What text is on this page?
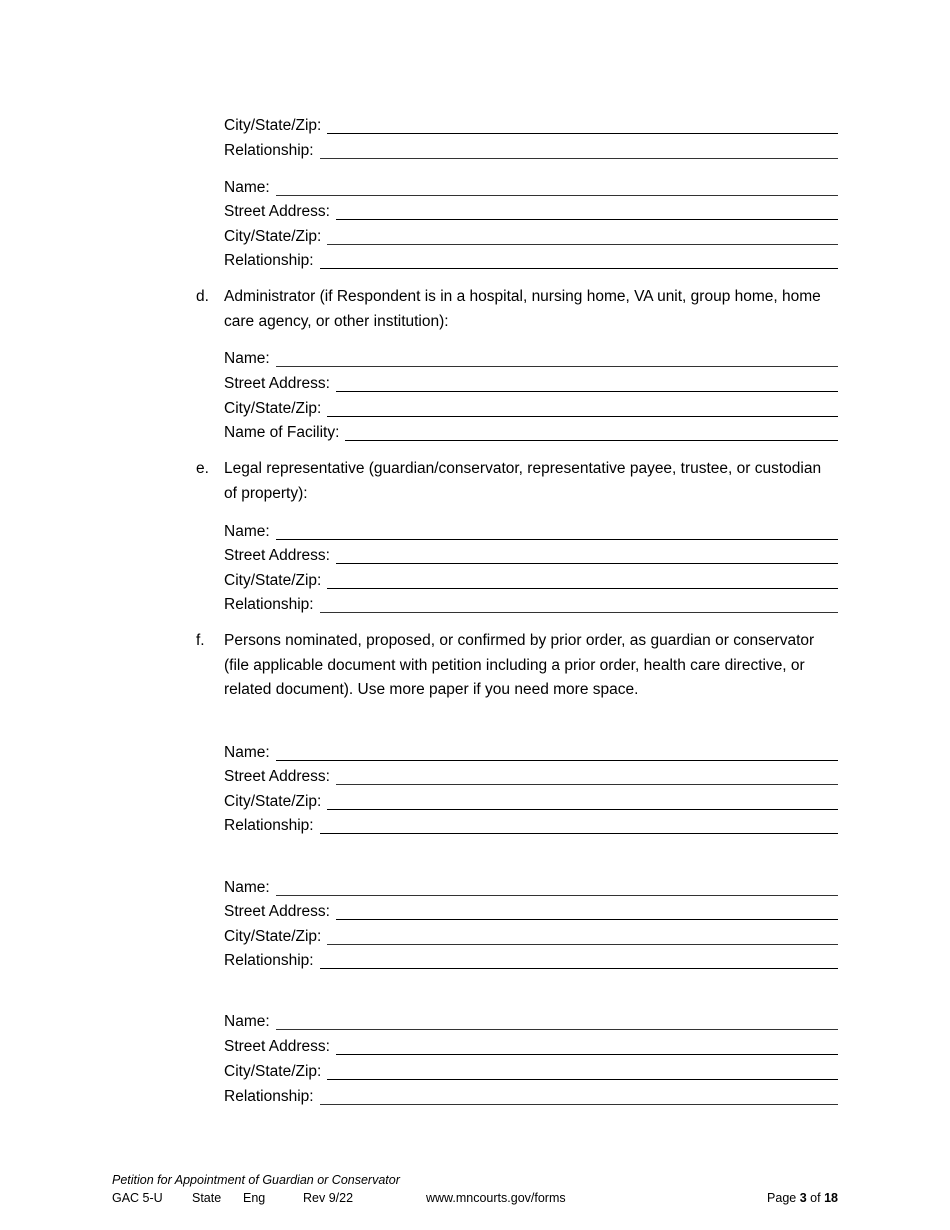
City/State/Zip:
Relationship:
Name:
Street Address:
City/State/Zip:
Relationship:
d. Administrator (if Respondent is in a hospital, nursing home, VA unit, group home, home care agency, or other institution):
Name:
Street Address:
City/State/Zip:
Name of Facility:
e. Legal representative (guardian/conservator, representative payee, trustee, or custodian of property):
Name:
Street Address:
City/State/Zip:
Relationship:
f. Persons nominated, proposed, or confirmed by prior order, as guardian or conservator (file applicable document with petition including a prior order, health care directive, or related document). Use more paper if you need more space.
Name:
Street Address:
City/State/Zip:
Relationship:
Name:
Street Address:
City/State/Zip:
Relationship:
Name:
Street Address:
City/State/Zip:
Relationship:
Petition for Appointment of Guardian or Conservator
GAC 5-U State Eng	Rev 9/22	www.mncourts.gov/forms	Page 3 of 18
